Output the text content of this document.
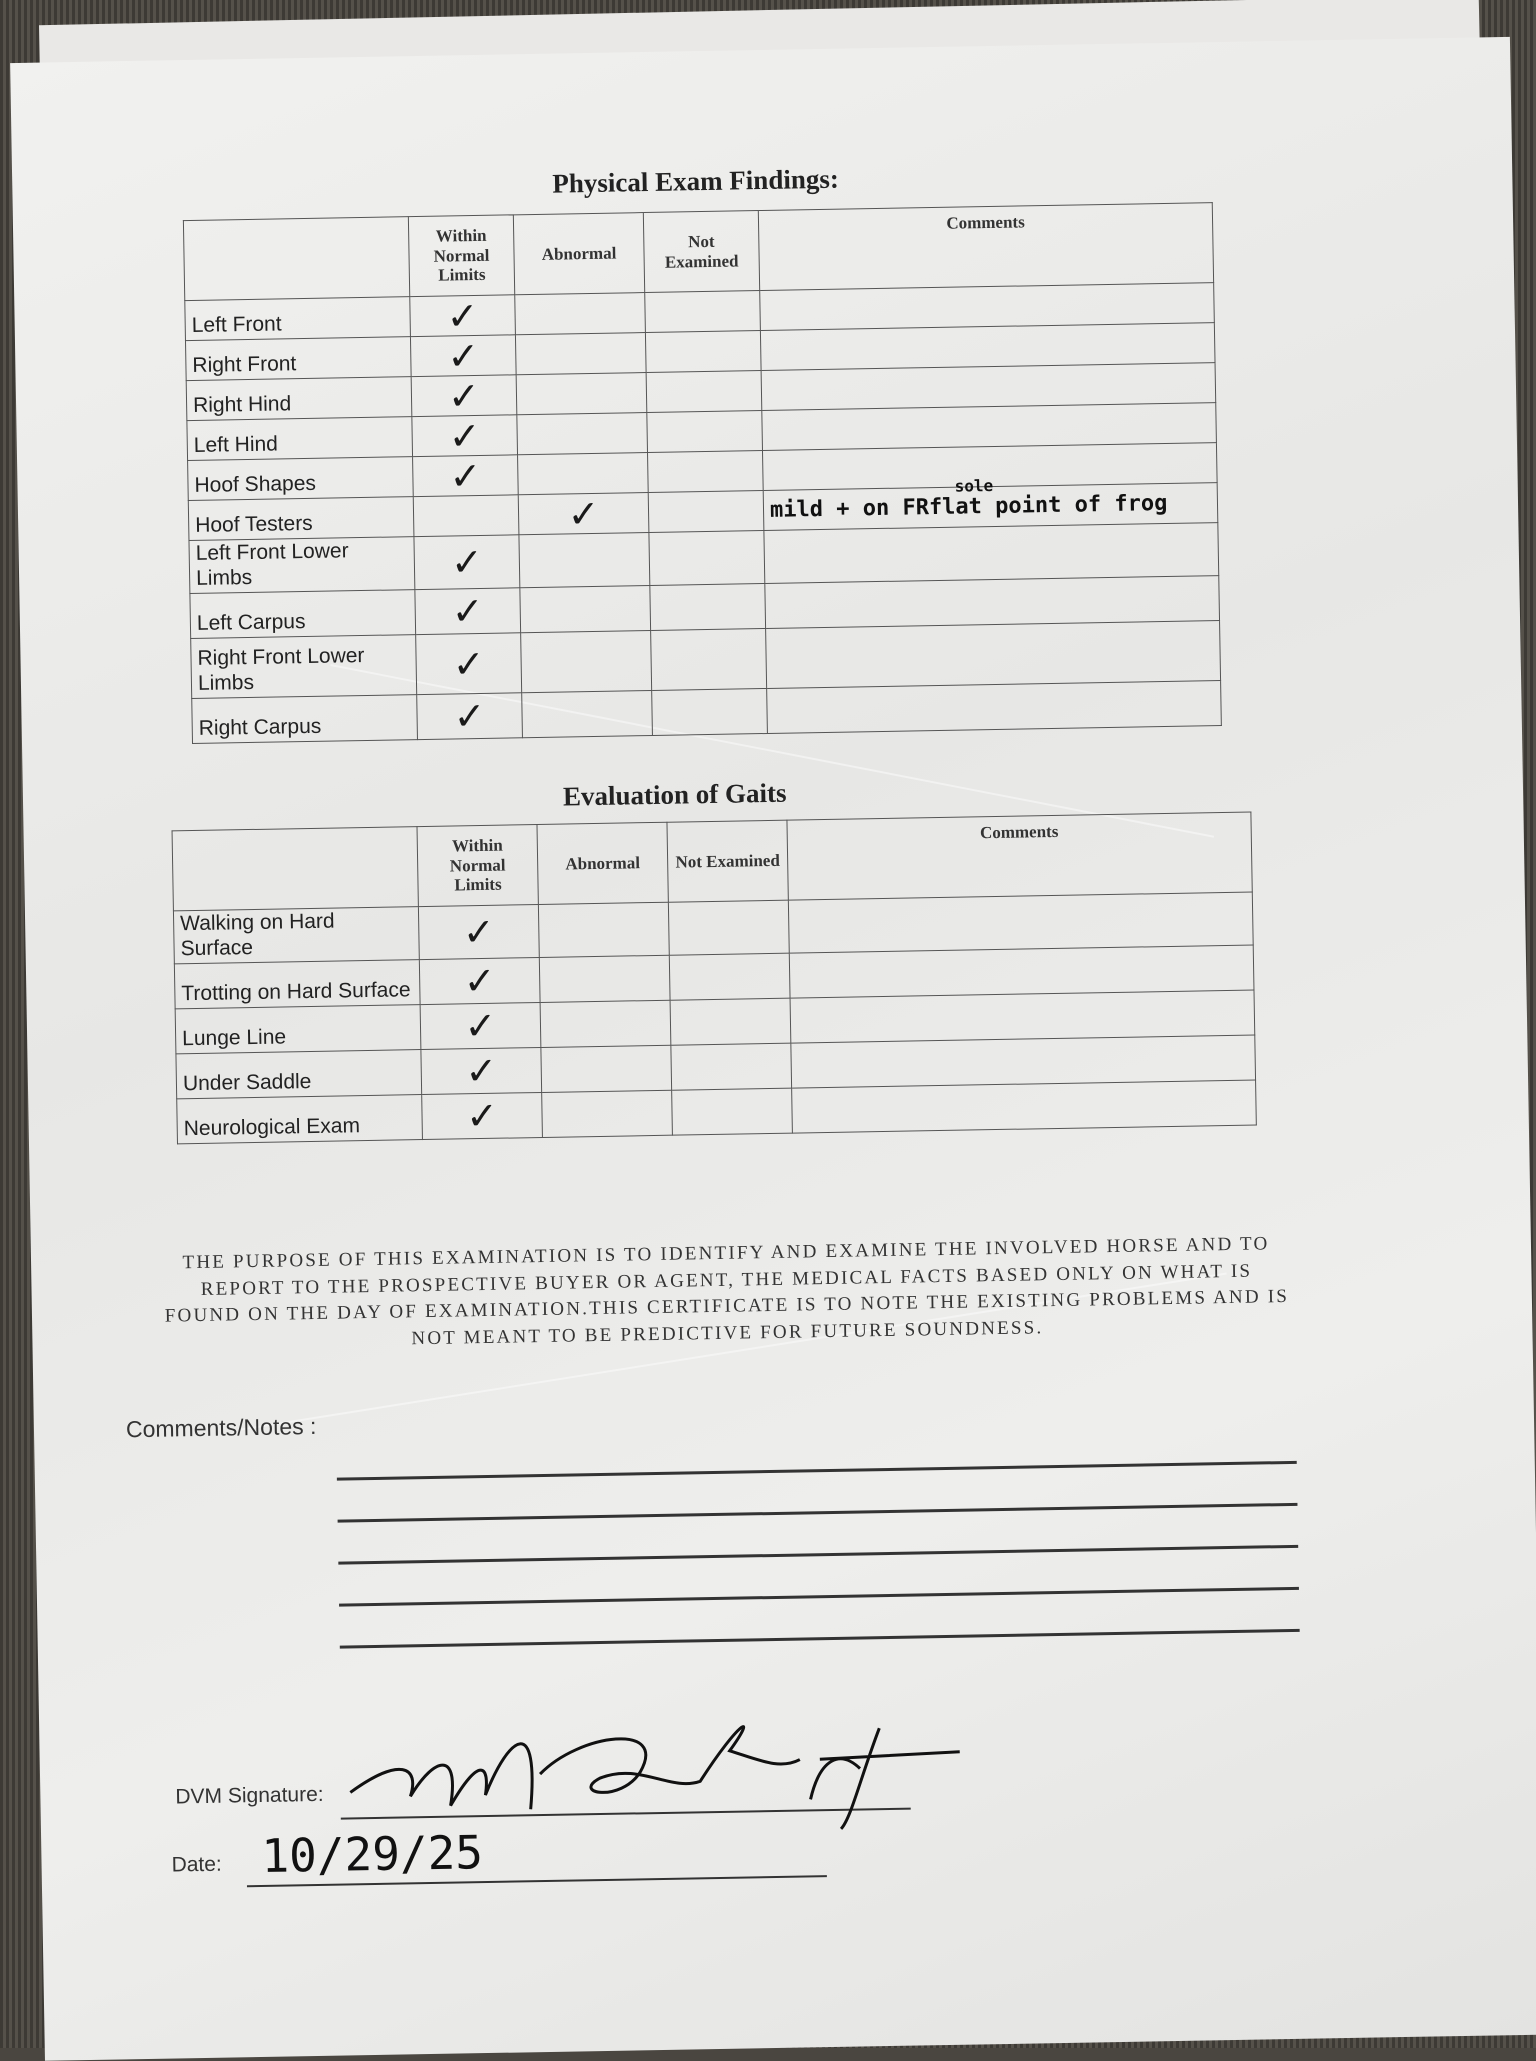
Physical Exam Findings:
	Within Normal Limits	Abnormal	Not Examined	Comments
Left Front	✓			
Right Front	✓			
Right Hind	✓			
Left Hind	✓			
Hoof Shapes	✓			
Hoof Testers		✓		mild + on FRflat point of frog
sole

Left Front Lower Limbs	✓			
Left Carpus	✓			
Right Front Lower Limbs	✓			
Right Carpus	✓			
Evaluation of Gaits
	Within Normal Limits	Abnormal	Not Examined	Comments
Walking on Hard Surface	✓			
Trotting on Hard Surface	✓			
Lunge Line	✓			
Under Saddle	✓			
Neurological Exam	✓			
THE PURPOSE OF THIS EXAMINATION IS TO IDENTIFY AND EXAMINE THE INVOLVED HORSE AND TO REPORT TO THE PROSPECTIVE BUYER OR AGENT, THE MEDICAL FACTS BASED ONLY ON WHAT IS FOUND ON THE DAY OF EXAMINATION.THIS CERTIFICATE IS TO NOTE THE EXISTING PROBLEMS AND IS NOT MEANT TO BE PREDICTIVE FOR FUTURE SOUNDNESS.
Comments/Notes :
DVM Signature:
Date: 10/29/25
